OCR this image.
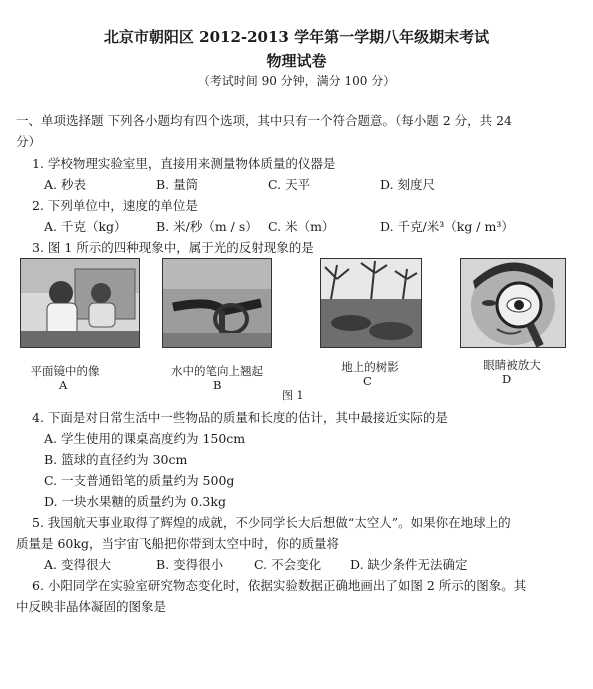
北京市朝阳区 2012-2013 学年第一学期八年级期末考试
物理试卷
（考试时间 90 分钟，满分 100 分）
一、单项选择题 下列各小题均有四个选项，其中只有一个符合题意。（每小题 2 分，共 24
分）
1. 学校物理实验室里，直接用来测量物体质量的仪器是
A. 秒表	B. 量筒	C. 天平	D. 刻度尺
2. 下列单位中，速度的单位是
A. 千克（kg） B. 米/秒（m / s） C. 米（m）	D. 千克/米³（kg / m³）
3. 图 1 所示的四种现象中，属于光的反射现象的是
平面镜中的像
A
水中的笔向上翘起
B
地上的树影
C
眼睛被放大
D
图 1
4. 下面是对日常生活中一些物品的质量和长度的估计，其中最接近实际的是
A. 学生使用的课桌高度约为 150cm
B. 篮球的直径约为 30cm
C. 一支普通铅笔的质量约为 500g
D. 一块水果糖的质量约为 0.3kg
5. 我国航天事业取得了辉煌的成就，不少同学长大后想做“太空人”。如果你在地球上的
质量是 60kg，当宇宙飞船把你带到太空中时，你的质量将
A. 变得很大	B. 变得很小 C. 不会变化 D. 缺少条件无法确定
6. 小阳同学在实验室研究物态变化时，依据实验数据正确地画出了如图 2 所示的图象。其
中反映非晶体凝固的图象是
